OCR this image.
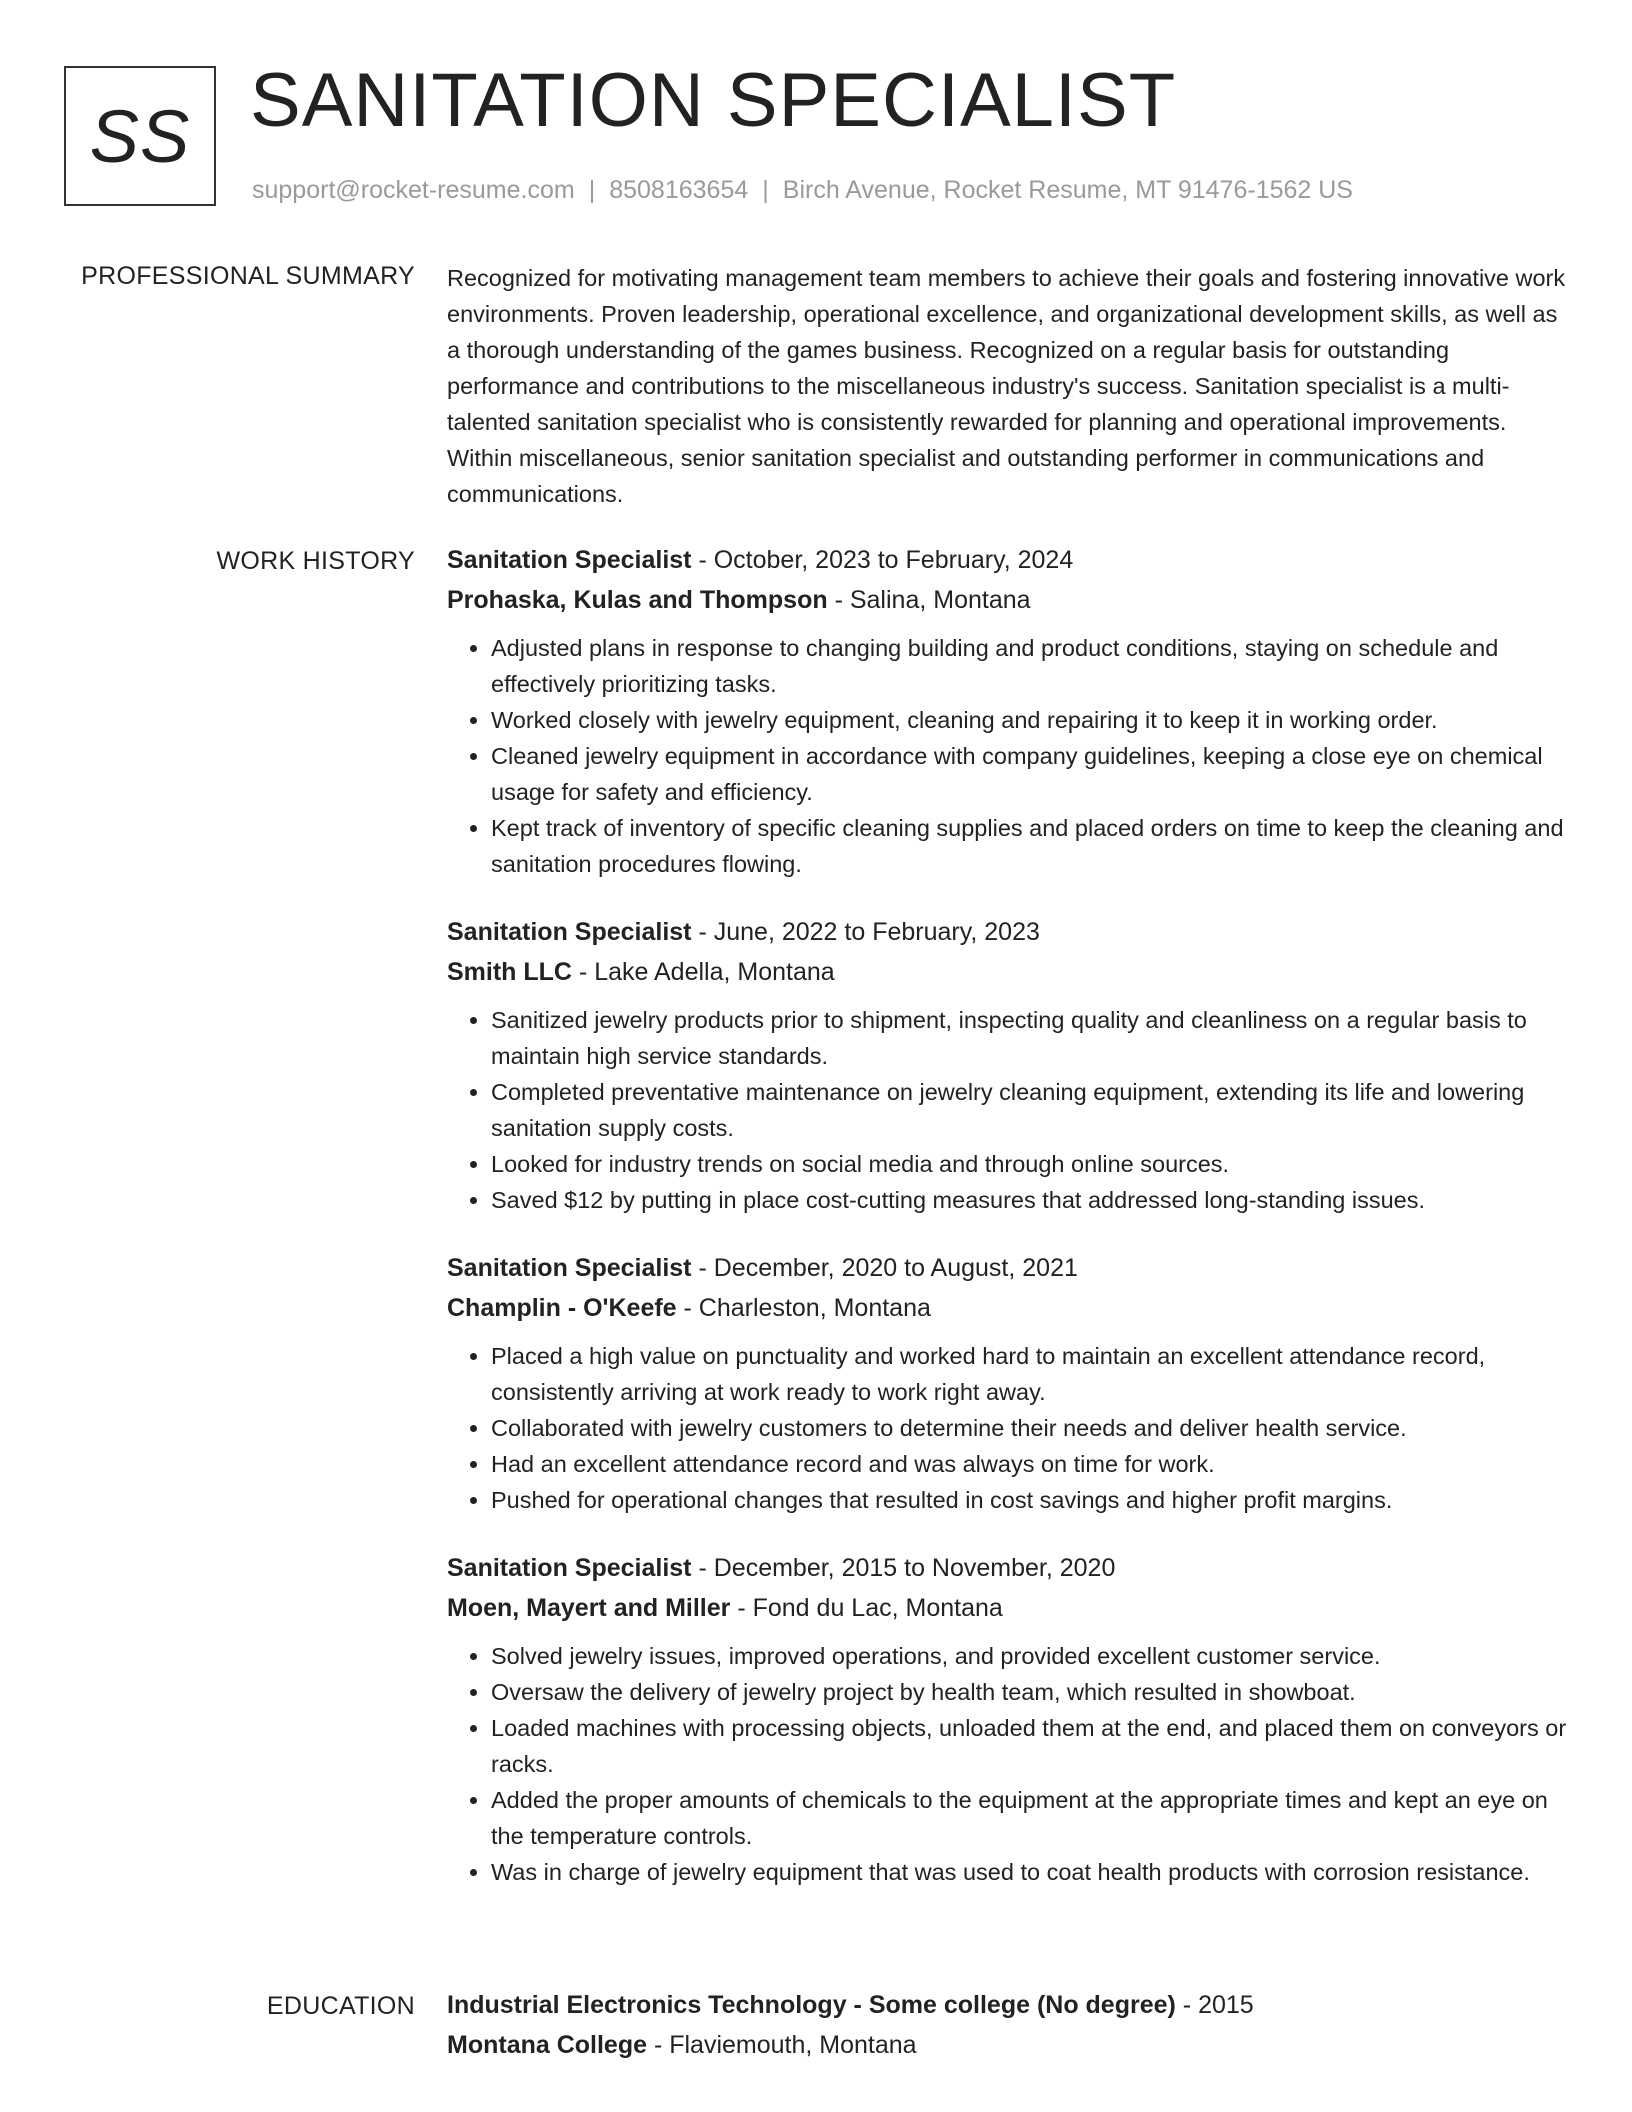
SS SANITATION SPECIALIST
support@rocket-resume.com | 8508163654 | Birch Avenue, Rocket Resume, MT 91476-1562 US
PROFESSIONAL SUMMARY Recognized for motivating management team members to achieve their goals and fostering innovative work environments. Proven leadership, operational excellence, and organizational development skills, as well as a thorough understanding of the games business. Recognized on a regular basis for outstanding performance and contributions to the miscellaneous industry's success. Sanitation specialist is a multi-talented sanitation specialist who is consistently rewarded for planning and operational improvements. Within miscellaneous, senior sanitation specialist and outstanding performer in communications and communications.

WORK HISTORY Sanitation Specialist - October, 2023 to February, 2024
Prohaska, Kulas and Thompson - Salina, Montana
• Adjusted plans in response to changing building and product conditions, staying on schedule and effectively prioritizing tasks.
• Worked closely with jewelry equipment, cleaning and repairing it to keep it in working order.
• Cleaned jewelry equipment in accordance with company guidelines, keeping a close eye on chemical usage for safety and efficiency.
• Kept track of inventory of specific cleaning supplies and placed orders on time to keep the cleaning and sanitation procedures flowing.
Sanitation Specialist - June, 2022 to February, 2023
Smith LLC - Lake Adella, Montana
• Sanitized jewelry products prior to shipment, inspecting quality and cleanliness on a regular basis to maintain high service standards.
• Completed preventative maintenance on jewelry cleaning equipment, extending its life and lowering sanitation supply costs.
• Looked for industry trends on social media and through online sources.
• Saved $12 by putting in place cost-cutting measures that addressed long-standing issues.
Sanitation Specialist - December, 2020 to August, 2021
Champlin - O'Keefe - Charleston, Montana
• Placed a high value on punctuality and worked hard to maintain an excellent attendance record, consistently arriving at work ready to work right away.
• Collaborated with jewelry customers to determine their needs and deliver health service.
• Had an excellent attendance record and was always on time for work.
• Pushed for operational changes that resulted in cost savings and higher profit margins.
Sanitation Specialist - December, 2015 to November, 2020
Moen, Mayert and Miller - Fond du Lac, Montana
• Solved jewelry issues, improved operations, and provided excellent customer service.
• Oversaw the delivery of jewelry project by health team, which resulted in showboat.
• Loaded machines with processing objects, unloaded them at the end, and placed them on conveyors or racks.
• Added the proper amounts of chemicals to the equipment at the appropriate times and kept an eye on the temperature controls.
• Was in charge of jewelry equipment that was used to coat health products with corrosion resistance.
EDUCATION Industrial Electronics Technology - Some college (No degree) - 2015
Montana College - Flaviemouth, Montana
